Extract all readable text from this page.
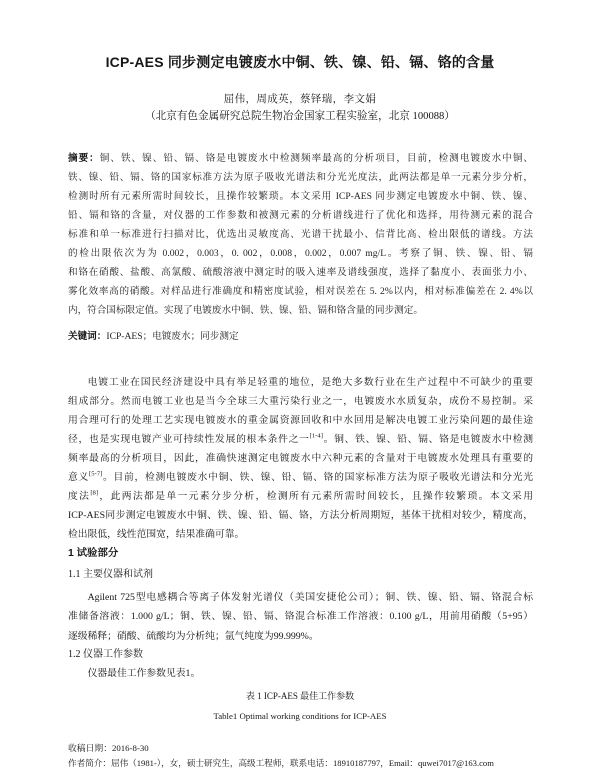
ICP-AES 同步测定电镀废水中铜、铁、镍、铅、镉、铬的含量
屈伟，周成英，蔡铎瑞，李文娟
（北京有色金属研究总院生物冶金国家工程实验室，北京 100088）
摘要：铜、铁、镍、铅、镉、铬是电镀废水中检测频率最高的分析项目，目前，检测电镀废水中铜、
铁、镍、铅、镉、铬的国家标准方法为原子吸收光谱法和分光光度法，此两法都是单一元素分步分析，
检测时所有元素所需时间较长，且操作较繁琐。本文采用 ICP-AES 同步测定电镀废水中铜、铁、镍、
铅、镉和铬的含量，对仪器的工作参数和被测元素的分析谱线进行了优化和选择，用待测元素的混合
标准和单一标准进行扫描对比，优选出灵敏度高、光谱干扰最小、信背比高、检出限低的谱线。方法
的检出限依次为为 0.002，0.003，0. 002，0.008，0.002，0.007 mg/L。考察了铜、铁、镍、铅、镉
和铬在硝酸、盐酸、高氯酸、硫酸溶液中测定时的吸入速率及谱线强度，选择了黏度小、表面张力小、
雾化效率高的硝酸。对样品进行准确度和精密度试验，相对误差在 5. 2%以内，相对标准偏差在 2. 4%以
内，符合国标限定值。实现了电镀废水中铜、铁、镍、铅、镉和铬含量的同步测定。
关键词：ICP-AES；电镀废水；同步测定
电镀工业在国民经济建设中具有举足轻重的地位，是绝大多数行业在生产过程中不可缺少的重要
组成部分。然而电镀工业也是当今全球三大重污染行业之一，电镀废水水质复杂，成份不易控制。采
用合理可行的处理工艺实现电镀废水的重金属资源回收和中水回用是解决电镀工业污染问题的最佳途
径，也是实现电镀产业可持续性发展的根本条件之一[1-4]。铜、铁、镍、铅、镉、铬是电镀废水中检测
频率最高的分析项目，因此，准确快速测定电镀废水中六种元素的含量对于电镀废水处理具有重要的
意义[5-7]。目前，检测电镀废水中铜、铁、镍、铅、镉、铬的国家标准方法为原子吸收光谱法和分光光
度法[8]，此两法都是单一元素分步分析，检测所有元素所需时间较长，且操作较繁琐。本文采用
ICP-AES同步测定电镀废水中铜、铁、镍、铅、镉、铬，方法分析周期短，基体干扰相对较少，精度高，
检出限低，线性范围宽，结果准确可靠。
1 试验部分
1.1 主要仪器和试剂
Agilent 725型电感耦合等离子体发射光谱仪（美国安捷伦公司）；铜、铁、镍、铅、镉、铬混合标
准储备溶液：1.000 g/L；铜、铁、镍、铅、镉、铬混合标准工作溶液：0.100 g/L，用前用硝酸（5+95）
逐级稀释；硝酸、硫酸均为分析纯；氩气纯度为99.999%。
1.2 仪器工作参数
仪器最佳工作参数见表1。
表 1 ICP-AES 最佳工作参数
Table1 Optimal working conditions for ICP-AES
收稿日期：2016-8-30
作者简介：屈伟（1981-），女，硕士研究生，高级工程师，联系电话：18910187797，Email：quwei7017@163.com
